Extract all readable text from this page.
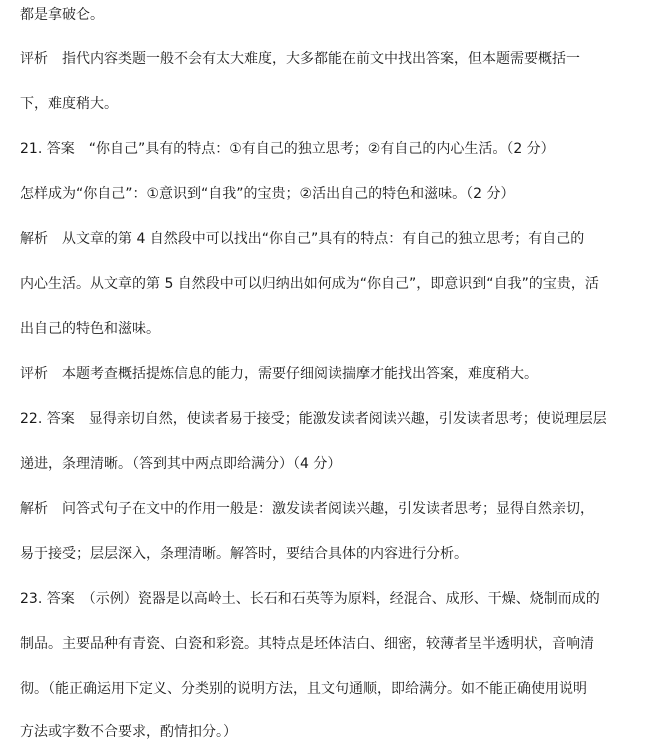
都是拿破仑。
评析　指代内容类题一般不会有太大难度，大多都能在前文中找出答案，但本题需要概括一
下，难度稍大。
21. 答案　“你自己”具有的特点：①有自己的独立思考；②有自己的内心生活。（2 分）
怎样成为“你自己”：①意识到“自我”的宝贵；②活出自己的特色和滋味。（2 分）
解析　从文章的第 4 自然段中可以找出“你自己”具有的特点：有自己的独立思考；有自己的
内心生活。从文章的第 5 自然段中可以归纳出如何成为“你自己”，即意识到“自我”的宝贵，活
出自己的特色和滋味。
评析　本题考查概括提炼信息的能力，需要仔细阅读揣摩才能找出答案，难度稍大。
22. 答案　显得亲切自然，使读者易于接受；能激发读者阅读兴趣，引发读者思考；使说理层层
递进，条理清晰。（答到其中两点即给满分）（4 分）
解析　问答式句子在文中的作用一般是：激发读者阅读兴趣，引发读者思考；显得自然亲切，
易于接受；层层深入，条理清晰。解答时，要结合具体的内容进行分析。
23. 答案　（示例）瓷器是以高岭土、长石和石英等为原料，经混合、成形、干燥、烧制而成的
制品。主要品种有青瓷、白瓷和彩瓷。其特点是坯体洁白、细密，较薄者呈半透明状，音响清
彻。（能正确运用下定义、分类别的说明方法，且文句通顺，即给满分。如不能正确使用说明
方法或字数不合要求，酌情扣分。）
